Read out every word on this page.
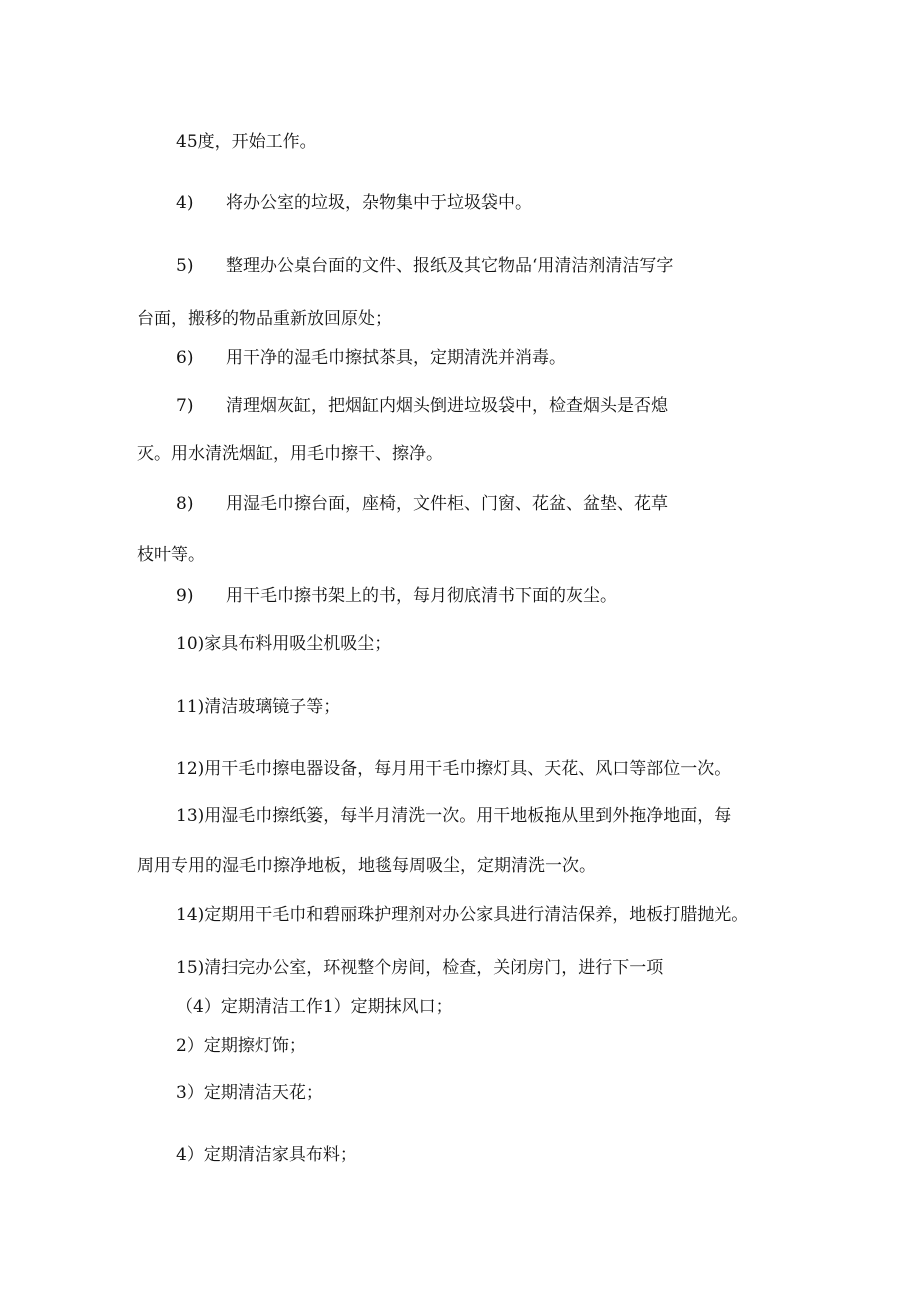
45度，开始工作。
4) 将办公室的垃圾，杂物集中于垃圾袋中。
5) 整理办公桌台面的文件、报纸及其它物品‘用清洁剂清洁写字
台面，搬移的物品重新放回原处；
6) 用干净的湿毛巾擦拭茶具，定期清洗并消毒。
7) 清理烟灰缸，把烟缸内烟头倒进垃圾袋中，检查烟头是否熄
灭。用水清洗烟缸，用毛巾擦干、擦净。
8) 用湿毛巾擦台面，座椅，文件柜、门窗、花盆、盆垫、花草
枝叶等。
9) 用干毛巾擦书架上的书，每月彻底清书下面的灰尘。
10)家具布料用吸尘机吸尘；
11)清洁玻璃镜子等；
12)用干毛巾擦电器设备，每月用干毛巾擦灯具、天花、风口等部位一次。
13)用湿毛巾擦纸篓，每半月清洗一次。用干地板拖从里到外拖净地面，每
周用专用的湿毛巾擦净地板，地毯每周吸尘，定期清洗一次。
14)定期用干毛巾和碧丽珠护理剂对办公家具进行清洁保养，地板打腊抛光。
15)清扫完办公室，环视整个房间，检查，关闭房门，进行下一项
（4）定期清洁工作1）定期抹风口；
2）定期擦灯饰；
3）定期清洁天花；
4）定期清洁家具布料；
